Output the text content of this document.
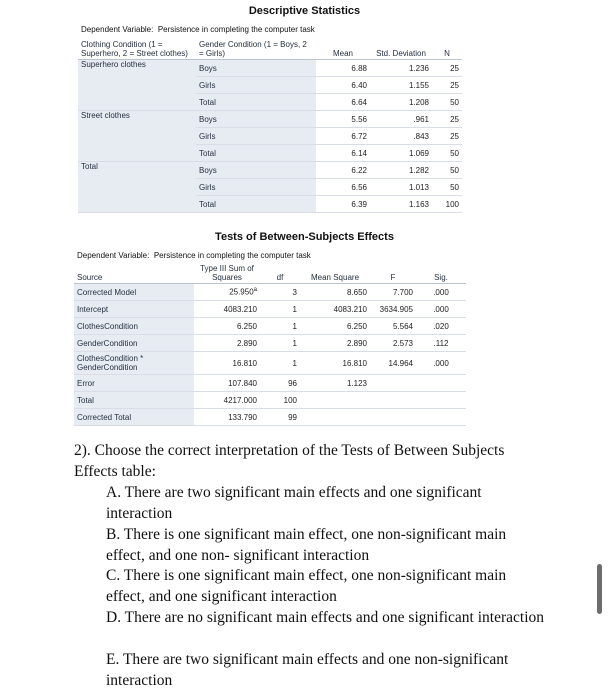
Descriptive Statistics
Dependent Variable: Persistence in completing the computer task
Clothing Condition (1 = Superhero, 2 = Street clothes)	Gender Condition (1 = Boys, 2 = Girls)	Mean	Std. Deviation	N
Superhero clothes	Boys	6.88	1.236	25
	Girls	6.40	1.155	25
	Total	6.64	1.208	50
Street clothes	Boys	5.56	.961	25
	Girls	6.72	.843	25
	Total	6.14	1.069	50
Total	Boys	6.22	1.282	50
	Girls	6.56	1.013	50
	Total	6.39	1.163	100
Tests of Between-Subjects Effects
Dependent Variable: Persistence in completing the computer task
Source	Type III Sum of Squares	df	Mean Square	F	Sig.
Corrected Model	25.950$^a$	3	8.650	7.700	.000
Intercept	4083.210	1	4083.210	3634.905	.000
ClothesCondition	6.250	1	6.250	5.564	.020
GenderCondition	2.890	1	2.890	2.573	.112
ClothesCondition * GenderCondition	16.810	1	16.810	14.964	.000
Error	107.840	96	1.123		
Total	4217.000	100			
Corrected Total	133.790	99			
2). Choose the correct interpretation of the Tests of Between Subjects Effects table:
A. There are two significant main effects and one significant interaction
B. There is one significant main effect, one non-significant main effect, and one non- significant interaction
C. There is one significant main effect, one non-significant main effect, and one significant interaction
D. There are no significant main effects and one significant interaction
E. There are two significant main effects and one non-significant interaction
